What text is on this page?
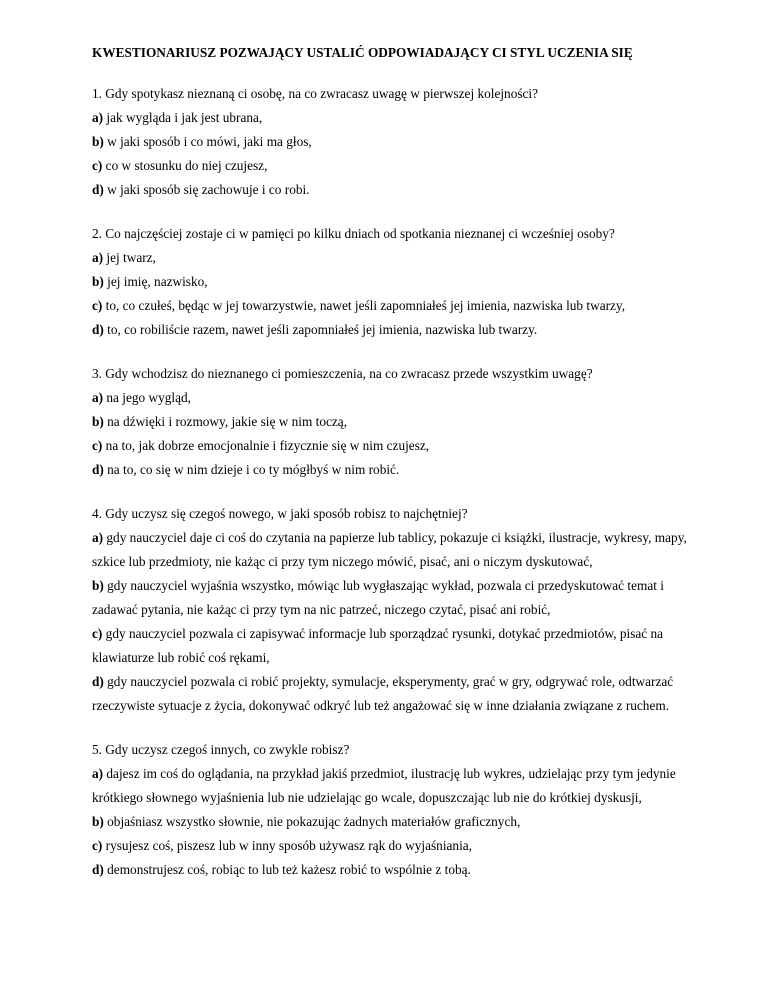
KWESTIONARIUSZ POZWAJĄCY USTALIĆ ODPOWIADAJĄCY CI STYL UCZENIA SIĘ

1. Gdy spotykasz nieznaną ci osobę, na co zwracasz uwagę w pierwszej kolejności?

a) jak wygląda i jak jest ubrana,

b) w jaki sposób i co mówi, jaki ma głos,

c) co w stosunku do niej czujesz,

d) w jaki sposób się zachowuje i co robi.

2. Co najczęściej zostaje ci w pamięci po kilku dniach od spotkania nieznanej ci wcześniej osoby?

a) jej twarz,

b) jej imię, nazwisko,

c) to, co czułeś, będąc w jej towarzystwie, nawet jeśli zapomniałeś jej imienia, nazwiska lub twarzy,

d) to, co robiliście razem, nawet jeśli zapomniałeś jej imienia, nazwiska lub twarzy.

3. Gdy wchodzisz do nieznanego ci pomieszczenia, na co zwracasz przede wszystkim uwagę?

a) na jego wygląd,

b) na dźwięki i rozmowy, jakie się w nim toczą,

c) na to, jak dobrze emocjonalnie i fizycznie się w nim czujesz,

d) na to, co się w nim dzieje i co ty mógłbyś w nim robić.

4. Gdy uczysz się czegoś nowego, w jaki sposób robisz to najchętniej?

a) gdy nauczyciel daje ci coś do czytania na papierze lub tablicy, pokazuje ci książki, ilustracje, wykresy, mapy, szkice lub przedmioty, nie każąc ci przy tym niczego mówić, pisać, ani o niczym dyskutować,

b) gdy nauczyciel wyjaśnia wszystko, mówiąc lub wygłaszając wykład, pozwala ci przedyskutować temat i zadawać pytania, nie każąc ci przy tym na nic patrzeć, niczego czytać, pisać ani robić,

c) gdy nauczyciel pozwala ci zapisywać informacje lub sporządzać rysunki, dotykać przedmiotów, pisać na klawiaturze lub robić coś rękami,

d) gdy nauczyciel pozwala ci robić projekty, symulacje, eksperymenty, grać w gry, odgrywać role, odtwarzać rzeczywiste sytuacje z życia, dokonywać odkryć lub też angażować się w inne działania związane z ruchem.

5. Gdy uczysz czegoś innych, co zwykle robisz?

a) dajesz im coś do oglądania, na przykład jakiś przedmiot, ilustrację lub wykres, udzielając przy tym jedynie krótkiego słownego wyjaśnienia lub nie udzielając go wcale, dopuszczając lub nie do krótkiej dyskusji,

b) objaśniasz wszystko słownie, nie pokazując żadnych materiałów graficznych,

c) rysujesz coś, piszesz lub w inny sposób używasz rąk do wyjaśniania,

d) demonstrujesz coś, robiąc to lub też każesz robić to wspólnie z tobą.
